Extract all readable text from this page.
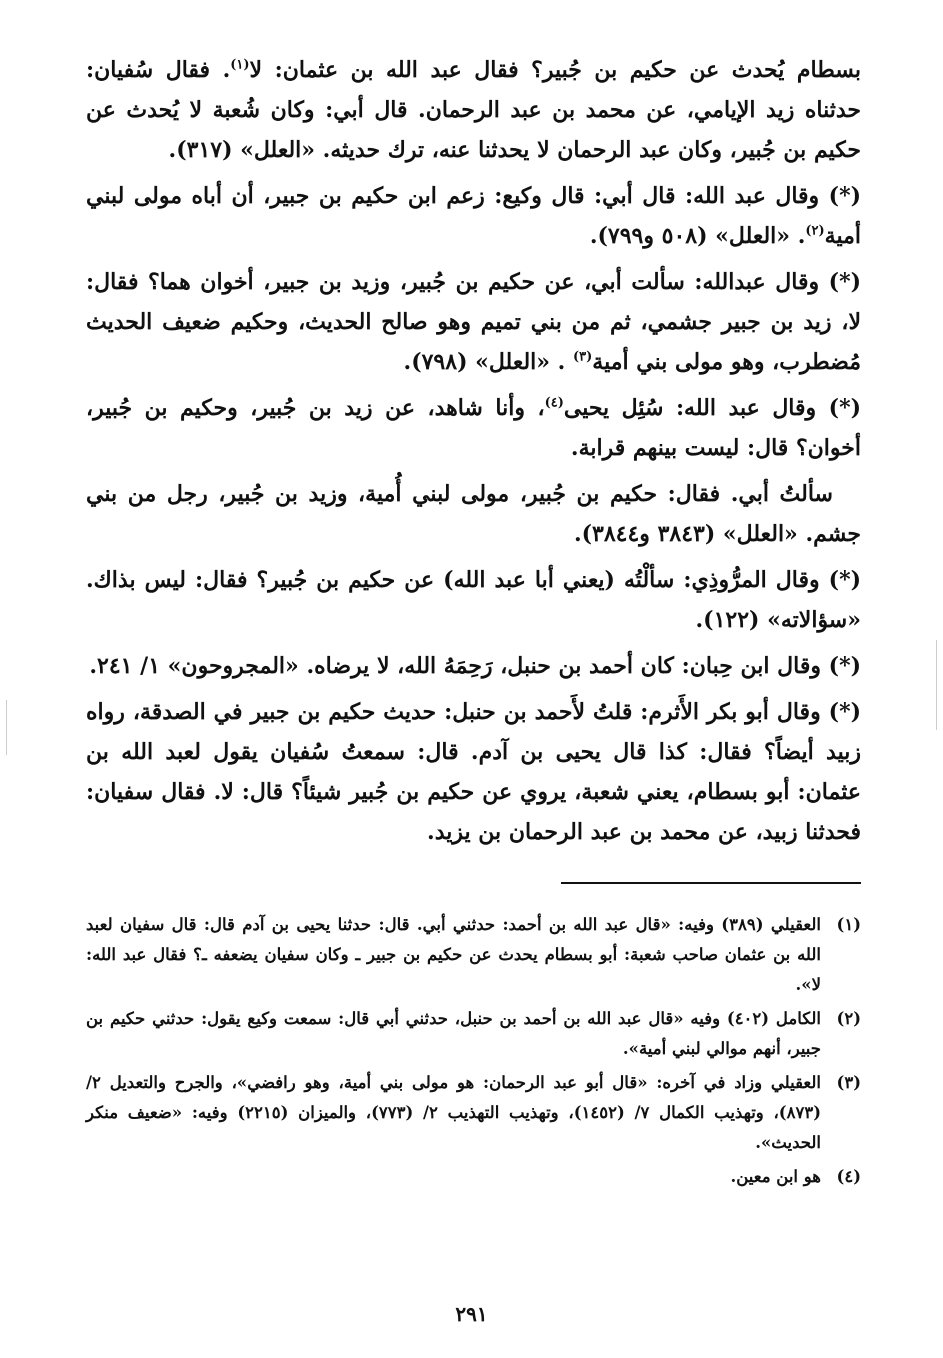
بسطام يُحدث عن حكيم بن جُبير؟ فقال عبد الله بن عثمان: لا$^{(١)}$. فقال سُفيان: حدثناه زيد الإيامي، عن محمد بن عبد الرحمان. قال أبي: وكان شُعبة لا يُحدث عن حكيم بن جُبير، وكان عبد الرحمان لا يحدثنا عنه، ترك حديثه. «العلل» (٣١٧).

(*) وقال عبد الله: قال أبي: قال وكيع: زعم ابن حكيم بن جبير، أن أباه مولى لبني أمية$^{(٢)}$. «العلل» (٥٠٨ و٧٩٩).

(*) وقال عبدالله: سألت أبي، عن حكيم بن جُبير، وزيد بن جبير، أخوان هما؟ فقال: لا، زيد بن جبير جشمي، ثم من بني تميم وهو صالح الحديث، وحكيم ضعيف الحديث مُضطرب، وهو مولى بني أمية$^{(٣)}$ . «العلل» (٧٩٨).

(*) وقال عبد الله: سُئِل يحيى$^{(٤)}$، وأنا شاهد، عن زيد بن جُبير، وحكيم بن جُبير، أخوان؟ قال: ليست بينهم قرابة.

سألتُ أبي. فقال: حكيم بن جُبير، مولى لبني أُمية، وزيد بن جُبير، رجل من بني جشم. «العلل» (٣٨٤٣ و٣٨٤٤).

(*) وقال المرُّوذِي: سألْتُه (يعني أبا عبد الله) عن حكيم بن جُبير؟ فقال: ليس بذاك. «سؤالاته» (١٢٢).

(*) وقال ابن حِبان: كان أحمد بن حنبل، رَحِمَهُ الله، لا يرضاه. «المجروحون» ١/ ٢٤١.

(*) وقال أبو بكر الأَثرم: قلتُ لأَحمد بن حنبل: حديث حكيم بن جبير في الصدقة، رواه زبيد أيضاً؟ فقال: كذا قال يحيى بن آدم. قال: سمعتُ سُفيان يقول لعبد الله بن عثمان: أبو بسطام، يعني شعبة، يروي عن حكيم بن جُبير شيئاً؟ قال: لا. فقال سفيان: فحدثنا زبيد، عن محمد بن عبد الرحمان بن يزيد.

(١)
العقيلي (٣٨٩) وفيه: «قال عبد الله بن أحمد: حدثني أبي. قال: حدثنا يحيى بن آدم قال: قال سفيان لعبد الله بن عثمان صاحب شعبة: أبو بسطام يحدث عن حكيم بن جبير ـ وكان سفيان يضعفه ـ؟ فقال عبد الله: لا».
(٢)
الكامل (٤٠٢) وفيه «قال عبد الله بن أحمد بن حنبل، حدثني أبي قال: سمعت وكيع يقول: حدثني حكيم بن جبير، أنهم موالي لبني أمية».
(٣)
العقيلي وزاد في آخره: «قال أبو عبد الرحمان: هو مولى بني أمية، وهو رافضي»، والجرح والتعديل ٢/ (٨٧٣)، وتهذيب الكمال ٧/ (١٤٥٢)، وتهذيب التهذيب ٢/ (٧٧٣)، والميزان (٢٢١٥) وفيه: «ضعيف منكر الحديث».
(٤)
هو ابن معين.
٢٩١
